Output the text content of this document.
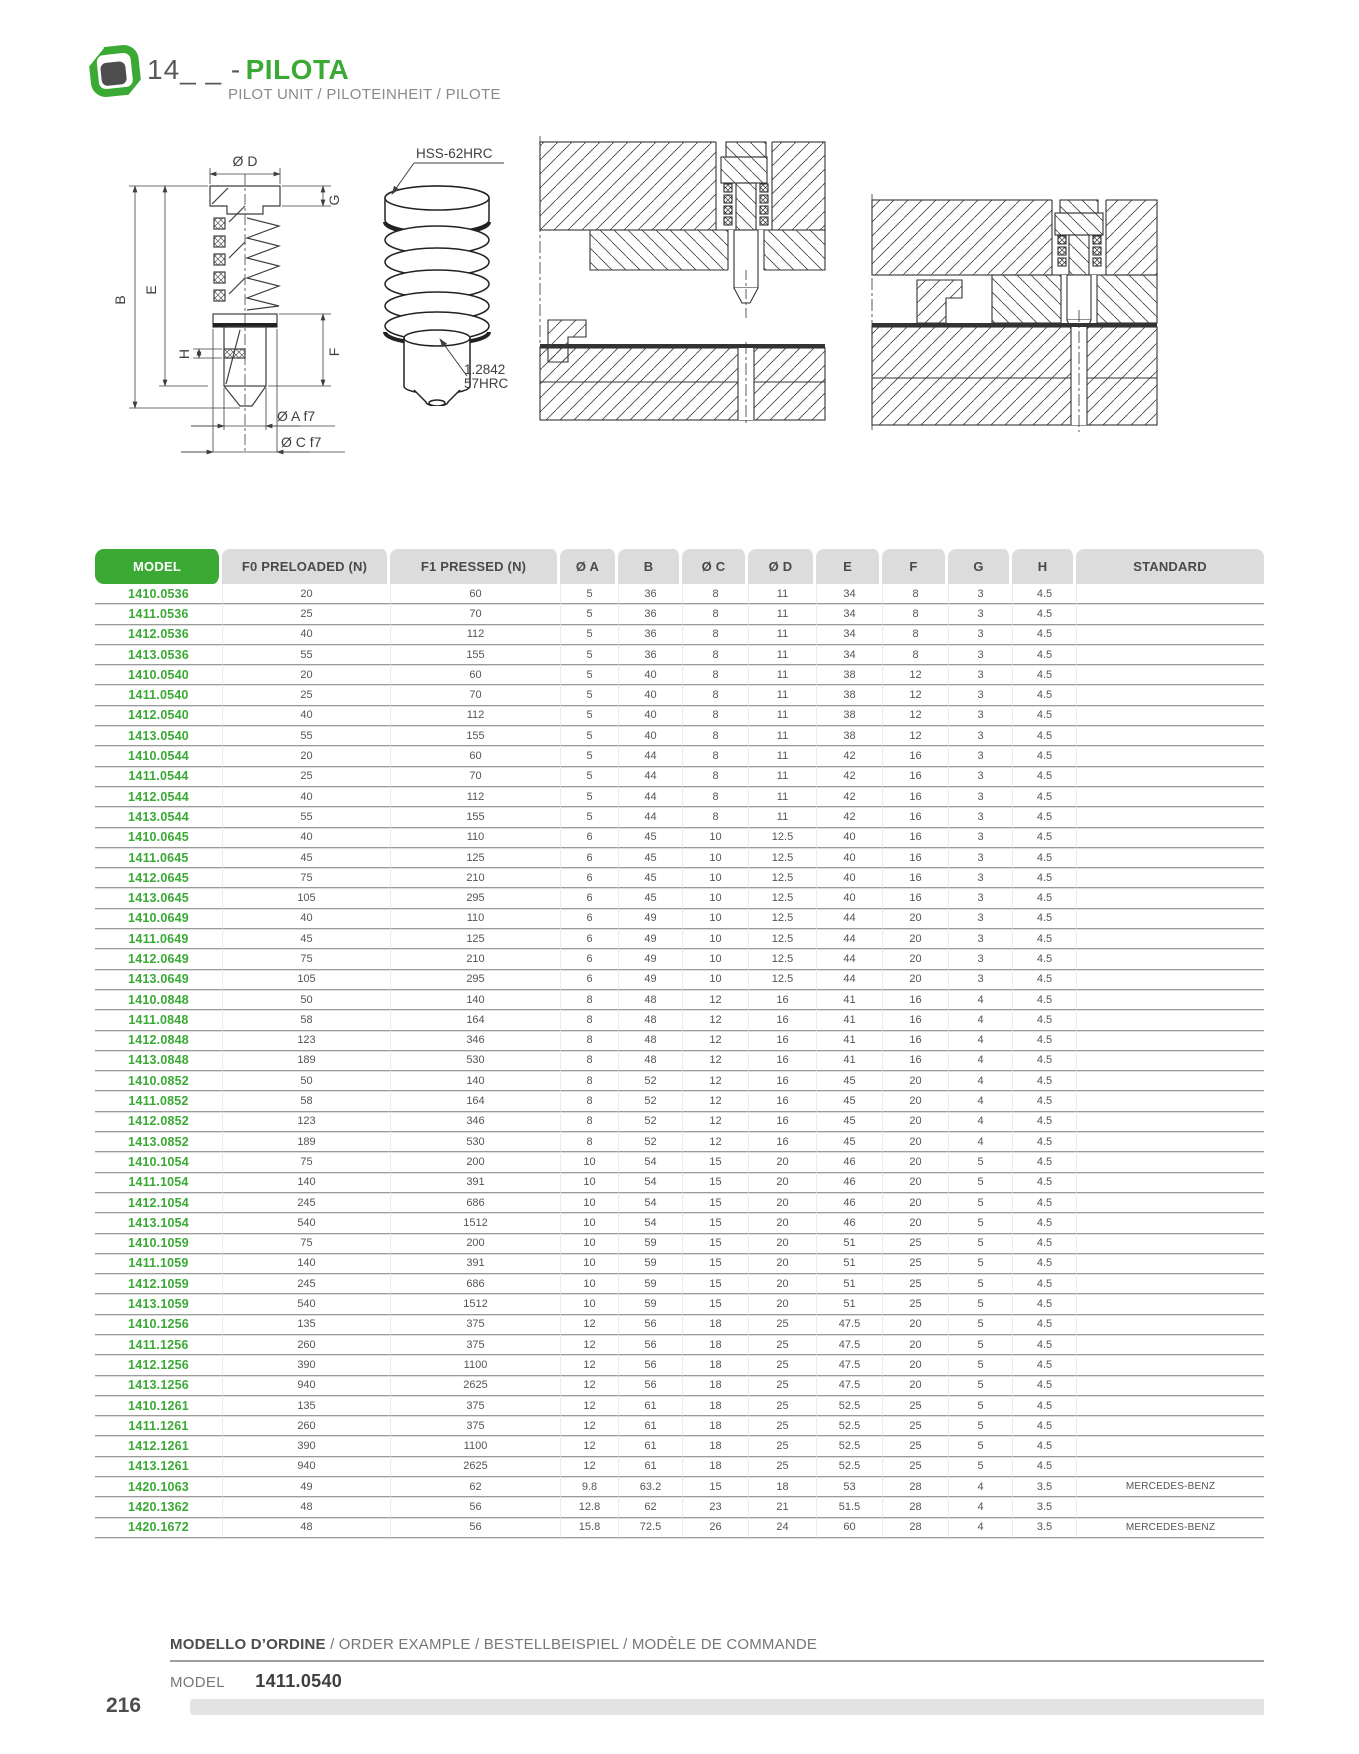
14_ _ - PILOTA
PILOT UNIT / PILOTEINHEIT / PILOTE
Ø D
G
B
E
H	F
Ø A f7
Ø C f7
HSS-62HRC
1.2842
57HRC
MODEL	F0 PRELOADED (N)	F1 PRESSED (N)	Ø A	B	Ø C	Ø D	E	F	G	H	STANDARD
1410.0536	20	60	5	36	8	11	34	8	3	4.5	
1411.0536	25	70	5	36	8	11	34	8	3	4.5	
1412.0536	40	112	5	36	8	11	34	8	3	4.5	
1413.0536	55	155	5	36	8	11	34	8	3	4.5	
1410.0540	20	60	5	40	8	11	38	12	3	4.5	
1411.0540	25	70	5	40	8	11	38	12	3	4.5	
1412.0540	40	112	5	40	8	11	38	12	3	4.5	
1413.0540	55	155	5	40	8	11	38	12	3	4.5	
1410.0544	20	60	5	44	8	11	42	16	3	4.5	
1411.0544	25	70	5	44	8	11	42	16	3	4.5	
1412.0544	40	112	5	44	8	11	42	16	3	4.5	
1413.0544	55	155	5	44	8	11	42	16	3	4.5	
1410.0645	40	110	6	45	10	12.5	40	16	3	4.5	
1411.0645	45	125	6	45	10	12.5	40	16	3	4.5	
1412.0645	75	210	6	45	10	12.5	40	16	3	4.5	
1413.0645	105	295	6	45	10	12.5	40	16	3	4.5	
1410.0649	40	110	6	49	10	12.5	44	20	3	4.5	
1411.0649	45	125	6	49	10	12.5	44	20	3	4.5	
1412.0649	75	210	6	49	10	12.5	44	20	3	4.5	
1413.0649	105	295	6	49	10	12.5	44	20	3	4.5	
1410.0848	50	140	8	48	12	16	41	16	4	4.5	
1411.0848	58	164	8	48	12	16	41	16	4	4.5	
1412.0848	123	346	8	48	12	16	41	16	4	4.5	
1413.0848	189	530	8	48	12	16	41	16	4	4.5	
1410.0852	50	140	8	52	12	16	45	20	4	4.5	
1411.0852	58	164	8	52	12	16	45	20	4	4.5	
1412.0852	123	346	8	52	12	16	45	20	4	4.5	
1413.0852	189	530	8	52	12	16	45	20	4	4.5	
1410.1054	75	200	10	54	15	20	46	20	5	4.5	
1411.1054	140	391	10	54	15	20	46	20	5	4.5	
1412.1054	245	686	10	54	15	20	46	20	5	4.5	
1413.1054	540	1512	10	54	15	20	46	20	5	4.5	
1410.1059	75	200	10	59	15	20	51	25	5	4.5	
1411.1059	140	391	10	59	15	20	51	25	5	4.5	
1412.1059	245	686	10	59	15	20	51	25	5	4.5	
1413.1059	540	1512	10	59	15	20	51	25	5	4.5	
1410.1256	135	375	12	56	18	25	47.5	20	5	4.5	
1411.1256	260	375	12	56	18	25	47.5	20	5	4.5	
1412.1256	390	1100	12	56	18	25	47.5	20	5	4.5	
1413.1256	940	2625	12	56	18	25	47.5	20	5	4.5	
1410.1261	135	375	12	61	18	25	52.5	25	5	4.5	
1411.1261	260	375	12	61	18	25	52.5	25	5	4.5	
1412.1261	390	1100	12	61	18	25	52.5	25	5	4.5	
1413.1261	940	2625	12	61	18	25	52.5	25	5	4.5	
1420.1063	49	62	9.8	63.2	15	18	53	28	4	3.5	MERCEDES-BENZ
1420.1362	48	56	12.8	62	23	21	51.5	28	4	3.5	
1420.1672	48	56	15.8	72.5	26	24	60	28	4	3.5	MERCEDES-BENZ
MODELLO D’ORDINE / ORDER EXAMPLE / BESTELLBEISPIEL / MODÈLE DE COMMANDE
MODEL 1411.0540
216
